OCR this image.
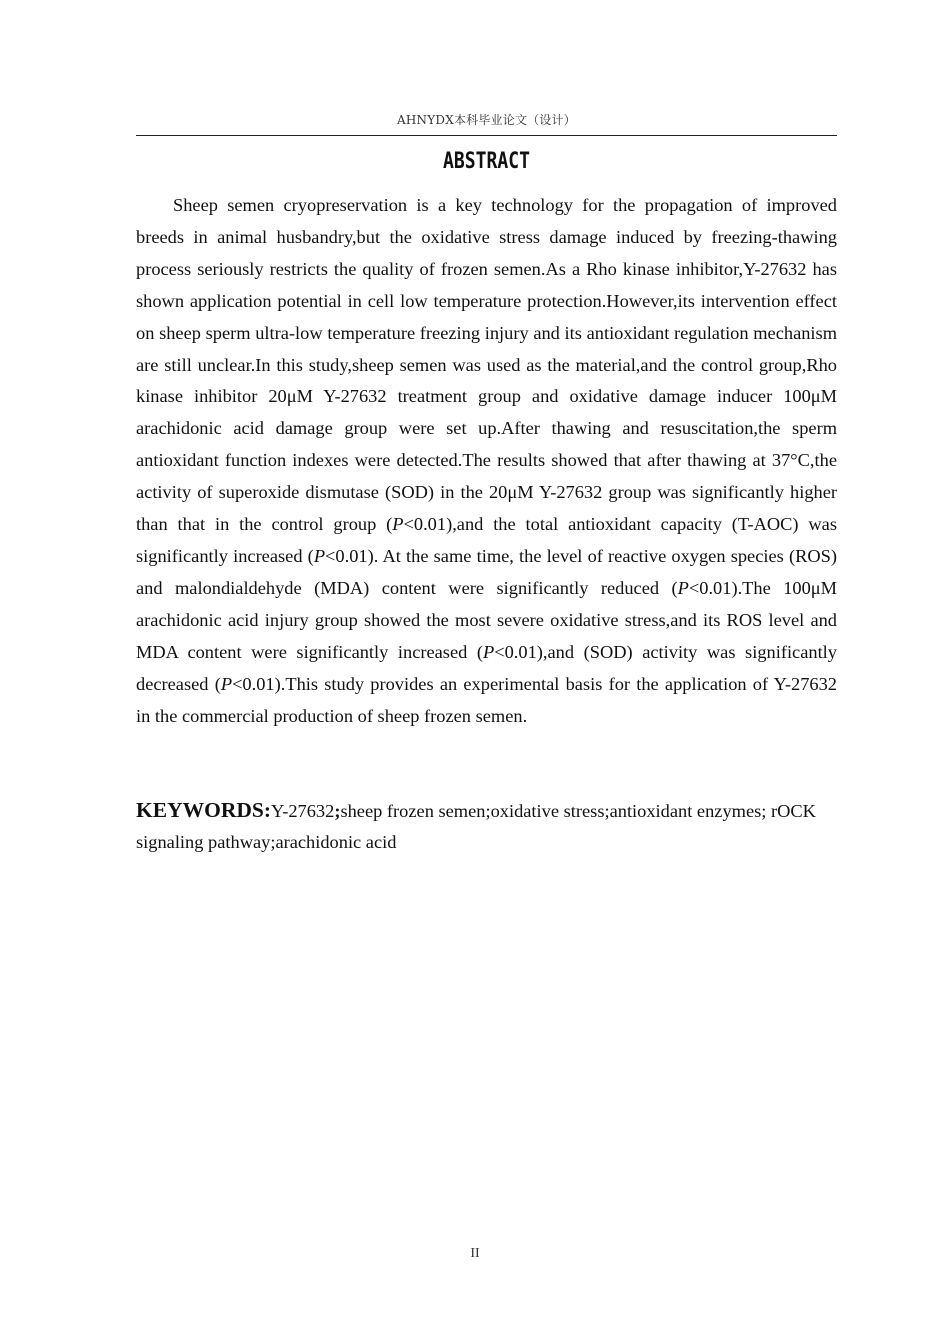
AHNYDX本科毕业论文（设计）
ABSTRACT

Sheep semen cryopreservation is a key technology for the propagation of improved breeds in animal husbandry,but the oxidative stress damage induced by freezing-thawing process seriously restricts the quality of frozen semen.As a Rho kinase inhibitor,Y-27632 has shown application potential in cell low temperature protection.However,its intervention effect on sheep sperm ultra-low temperature freezing injury and its antioxidant regulation mechanism are still unclear.In this study,sheep semen was used as the material,and the control group,Rho kinase inhibitor 20μM Y-27632 treatment group and oxidative damage inducer 100μM arachidonic acid damage group were set up.After thawing and resuscitation,the sperm antioxidant function indexes were detected.The results showed that after thawing at 37°C,the activity of superoxide dismutase (SOD) in the 20μM Y-27632 group was significantly higher than that in the control group (P<0.01),and the total antioxidant capacity (T-AOC) was significantly increased (P<0.01). At the same time, the level of reactive oxygen species (ROS) and malondialdehyde (MDA) content were significantly reduced (P<0.01).The 100μM arachidonic acid injury group showed the most severe oxidative stress,and its ROS level and MDA content were significantly increased (P<0.01),and (SOD) activity was significantly decreased (P<0.01).This study provides an experimental basis for the application of Y-27632 in the commercial production of sheep frozen semen.

KEYWORDS:Y-27632;sheep frozen semen;oxidative stress;antioxidant enzymes; rOCK signaling pathway;arachidonic acid

II
